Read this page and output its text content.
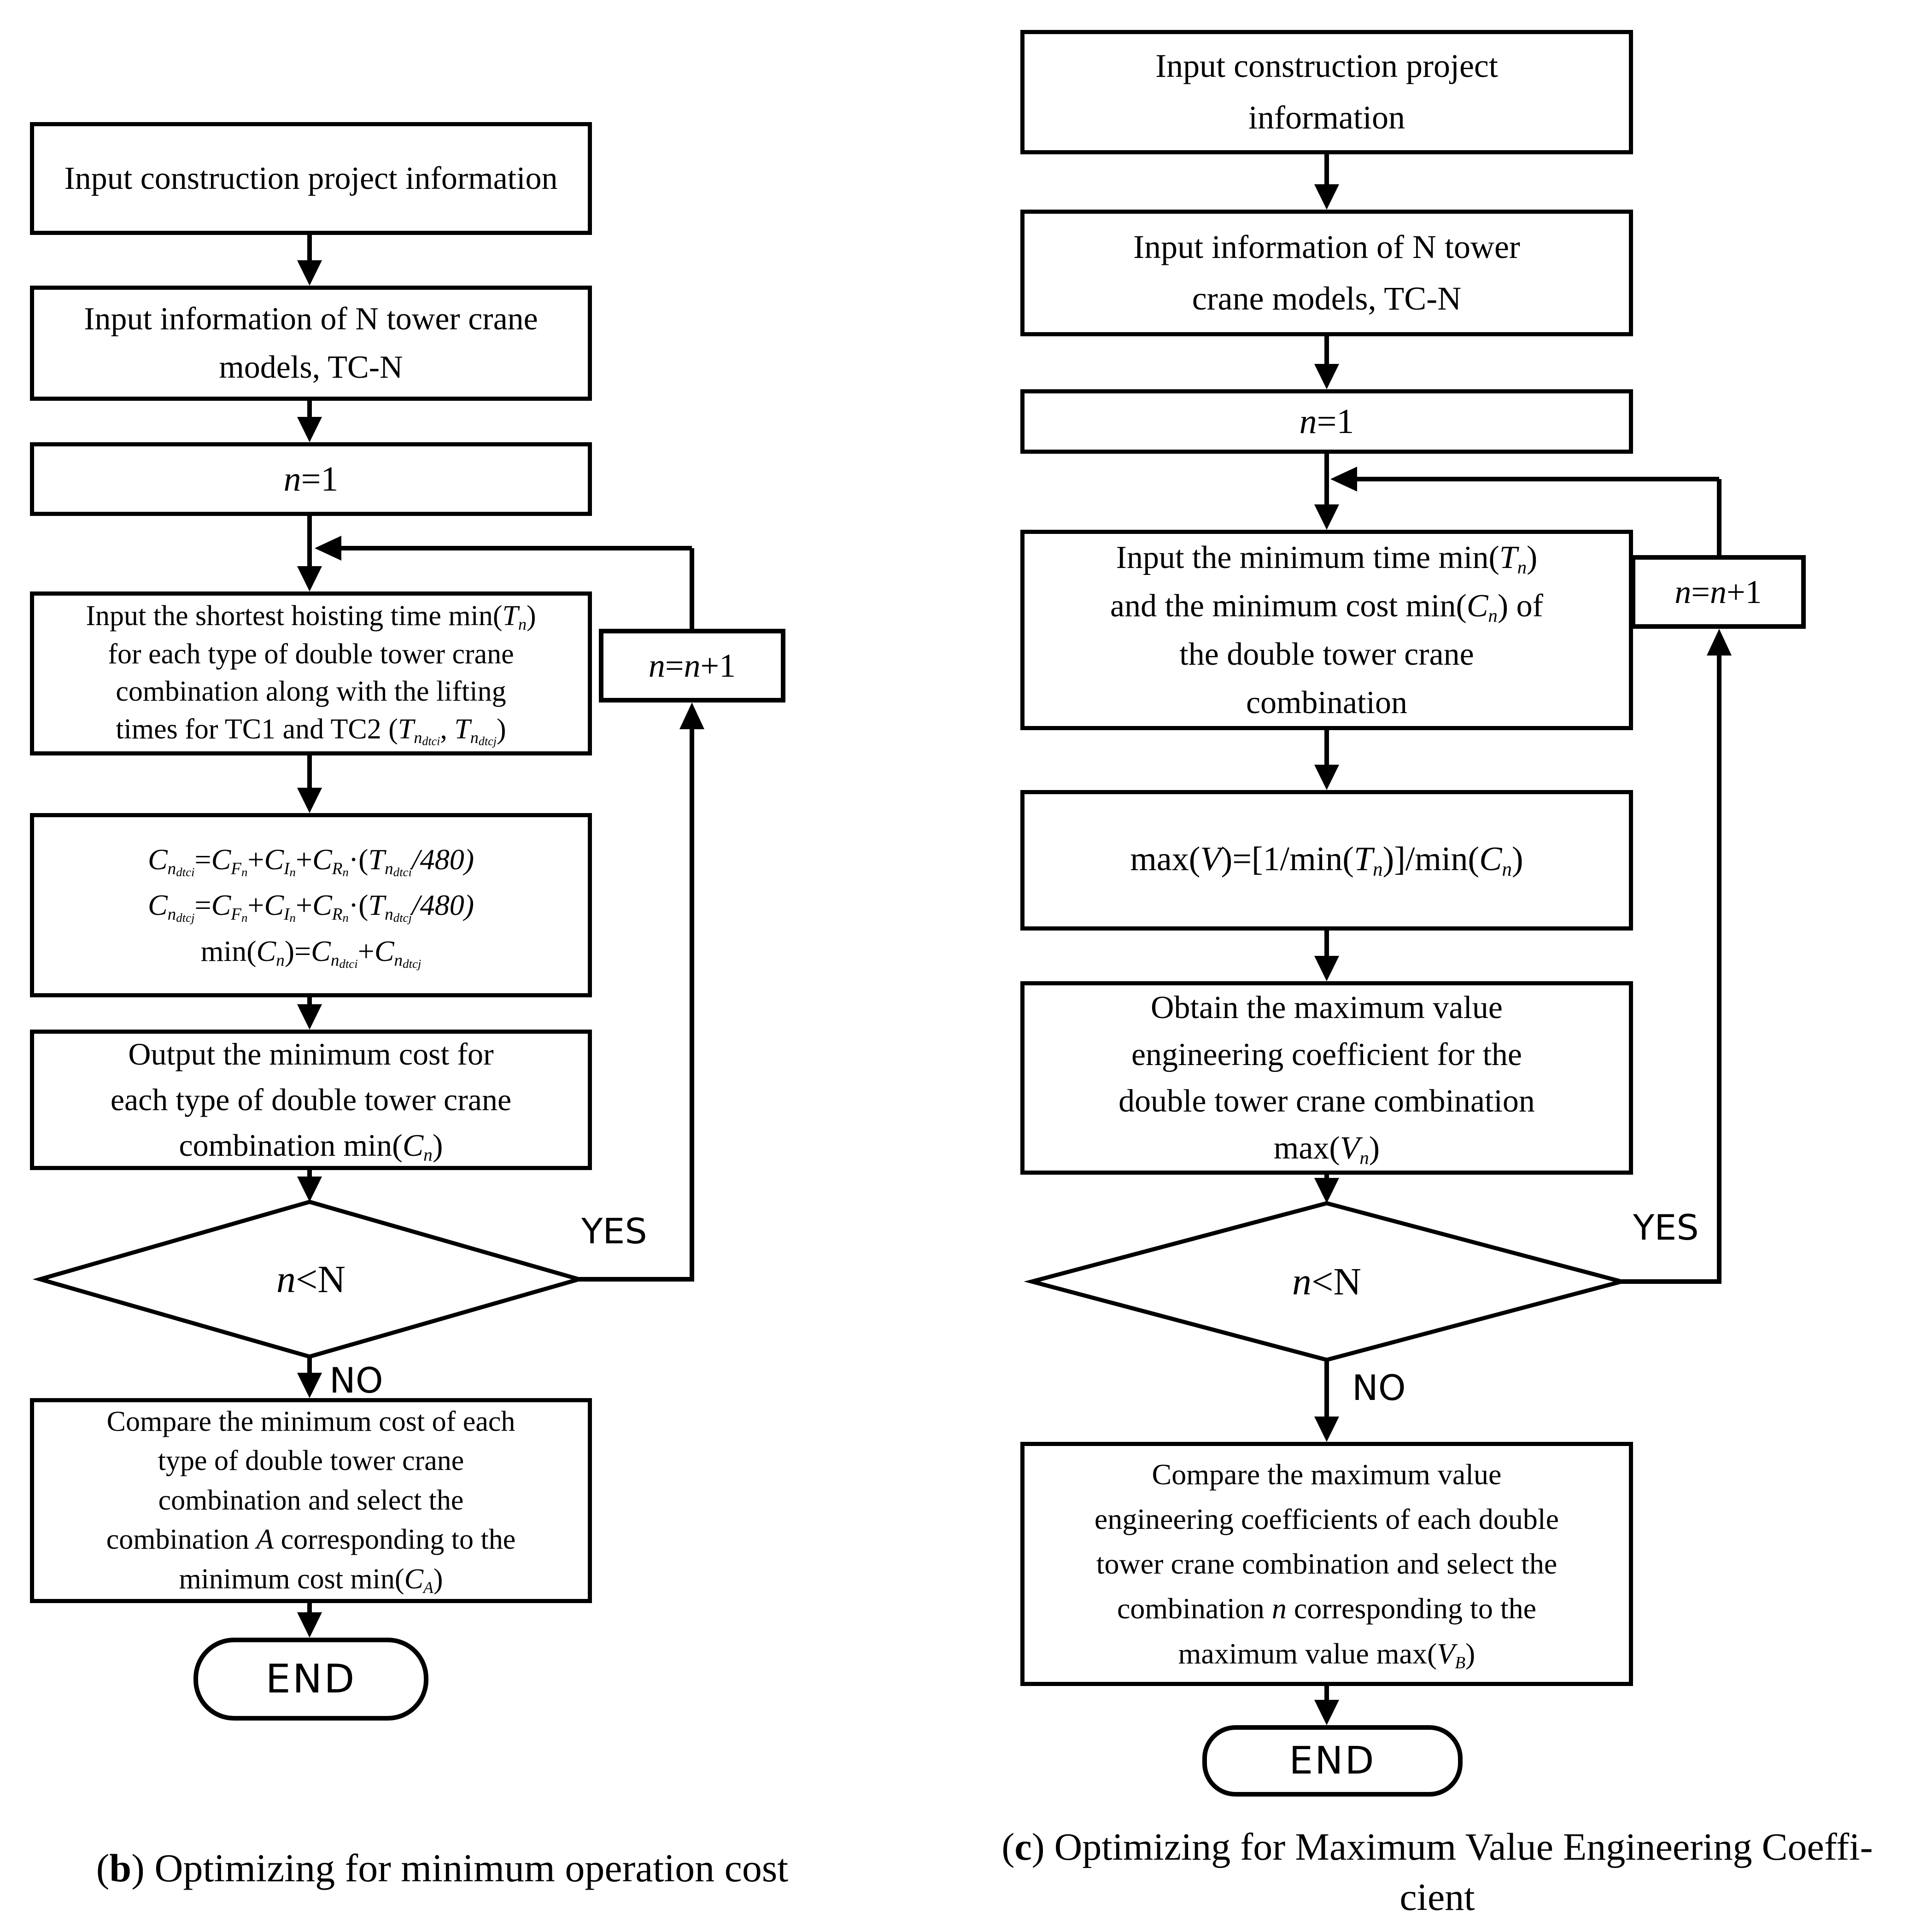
Input construction project information
Input information of N tower crane
models, TC-N
n=1
Input the shortest hoisting time min(Tn)
for each type of double tower crane
combination along with the lifting
times for TC1 and TC2 ($Tn_{dtci}$, $Tn_{dtcj}$)
$Cn_{dtci}=CF_n+CI_n+CR_n\cdot(Tn_{dtci}/480)$
$Cn_{dtcj}=CF_n+CI_n+CR_n\cdot(Tn_{dtcj}/480)$
$\min(Cn)=Cn_{dtci}+Cn_{dtcj}$
Output the minimum cost for
each type of double tower crane
combination min(Cn)
n<N
YES
NO
n=n+1
Compare the minimum cost of each
type of double tower crane
combination and select the
combination A corresponding to the
minimum cost min(CA)
END
(b) Optimizing for minimum operation cost
Input construction project
information
Input information of N tower
crane models, TC-N
n=1
Input the minimum time min(Tn)
and the minimum cost min(Cn) of
the double tower crane
combination
max(V)=[1/min(Tn)]/min(Cn)
Obtain the maximum value
engineering coefficient for the
double tower crane combination
max(Vn)
n<N
YES
NO
n=n+1
Compare the maximum value
engineering coefficients of each double
tower crane combination and select the
combination n corresponding to the
maximum value max(VB)
END
(c) Optimizing for Maximum Value Engineering Coeffi-
cient
